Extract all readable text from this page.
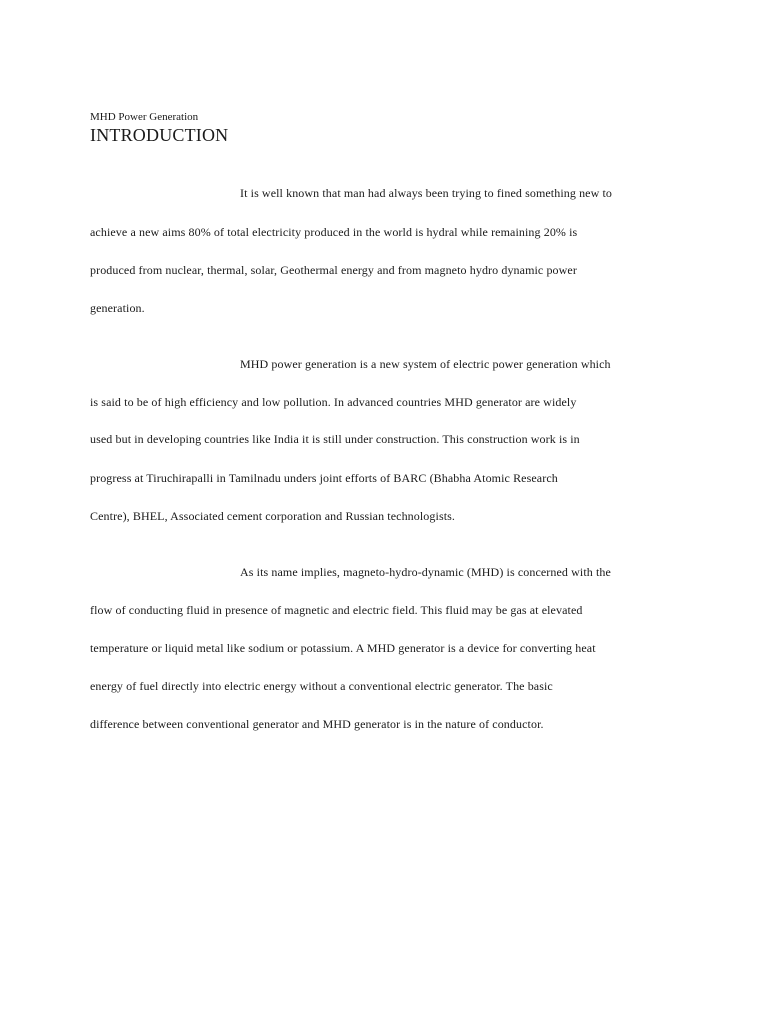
MHD Power Generation
INTRODUCTION
It is well known that man had always been trying to fined something new to
achieve a new aims 80% of total electricity produced in the world is hydral while remaining 20% is
produced from nuclear, thermal, solar, Geothermal energy and from magneto hydro dynamic power
generation.
MHD power generation is a new system of electric power generation which
is said to be of high efficiency and low pollution. In advanced countries MHD generator are widely
used but in developing countries like India it is still under construction. This construction work is in
progress at Tiruchirapalli in Tamilnadu unders joint efforts of BARC (Bhabha Atomic Research
Centre), BHEL, Associated cement corporation and Russian technologists.
As its name implies, magneto-hydro-dynamic (MHD) is concerned with the
flow of conducting fluid in presence of magnetic and electric field. This fluid may be gas at elevated
temperature or liquid metal like sodium or potassium. A MHD generator is a device for converting heat
energy of fuel directly into electric energy without a conventional electric generator. The basic
difference between conventional generator and MHD generator is in the nature of conductor.
